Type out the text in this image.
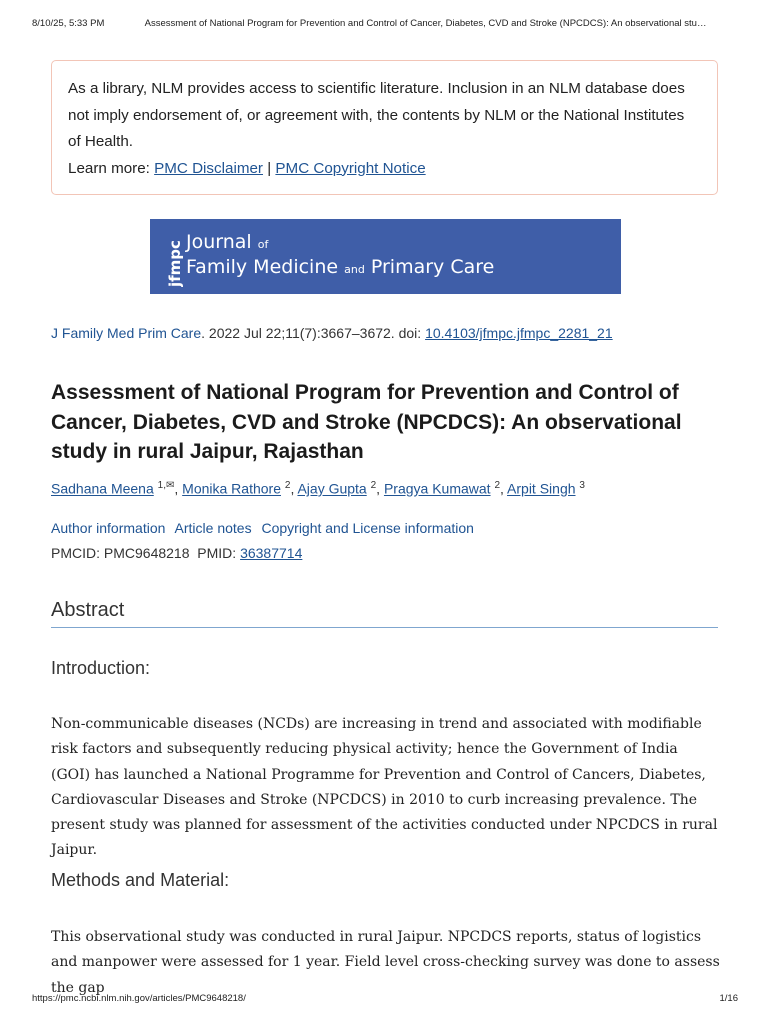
8/10/25, 5:33 PM	Assessment of National Program for Prevention and Control of Cancer, Diabetes, CVD and Stroke (NPCDCS): An observational stu…
As a library, NLM provides access to scientific literature. Inclusion in an NLM database does not imply endorsement of, or agreement with, the contents by NLM or the National Institutes of Health.
Learn more: PMC Disclaimer | PMC Copyright Notice
jfmpc Journal of
Family Medicine and Primary Care
J Family Med Prim Care. 2022 Jul 22;11(7):3667–3672. doi: 10.4103/jfmpc.jfmpc_2281_21
Assessment of National Program for Prevention and Control of Cancer, Diabetes, CVD and Stroke (NPCDCS): An observational study in rural Jaipur, Rajasthan
Sadhana Meena $^{1,✉}$, Monika Rathore $^2$, Ajay Gupta $^2$, Pragya Kumawat $^2$, Arpit Singh $^3$
Author information Article notes Copyright and License information
PMCID: PMC9648218 PMID: 36387714
Abstract
Introduction:

Non-communicable diseases (NCDs) are increasing in trend and associated with modifiable risk factors and subsequently reducing physical activity; hence the Government of India (GOI) has launched a National Programme for Prevention and Control of Cancers, Diabetes, Cardiovascular Diseases and Stroke (NPCDCS) in 2010 to curb increasing prevalence. The present study was planned for assessment of the activities conducted under NPCDCS in rural Jaipur.

Methods and Material:

This observational study was conducted in rural Jaipur. NPCDCS reports, status of logistics and manpower were assessed for 1 year. Field level cross-checking survey was done to assess the gap

https://pmc.ncbi.nlm.nih.gov/articles/PMC9648218/	1/16
